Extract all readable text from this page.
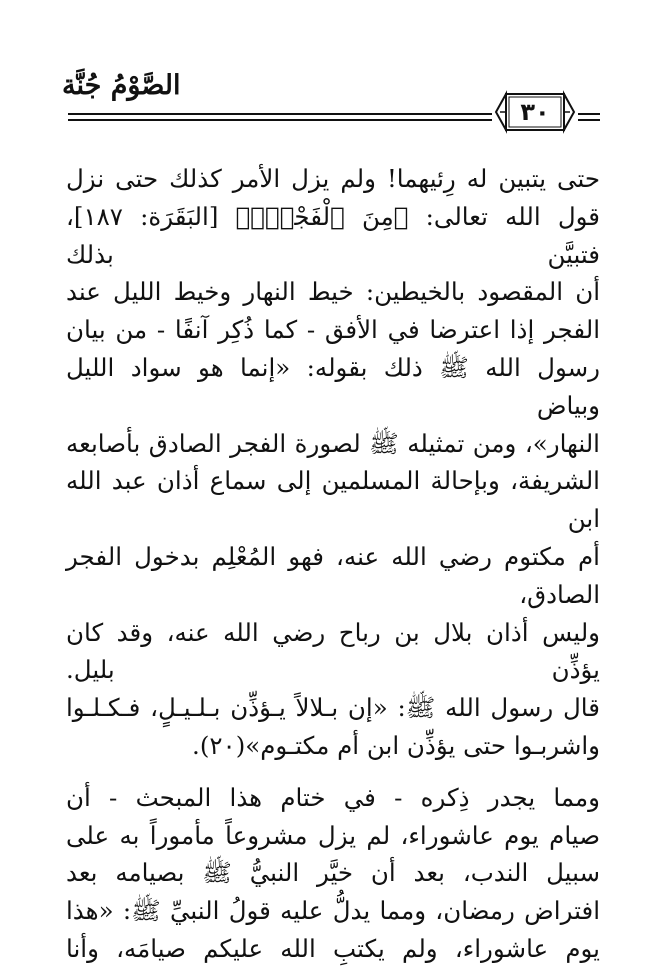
الصَّوْمُ جُنَّة
٣٠

حتى يتبين له رِئيهما! ولم يزل الأمر كذلك حتى نزل

قول الله تعالى: ﴿مِنَ ٱلْفَجْرِۖ﴾ [البَقَرَة: ١٨٧]، فتبيَّن بذلك

أن المقصود بالخيطين: خيط النهار وخيط الليل عند

الفجر إذا اعترضا في الأفق - كما ذُكِر آنفًا - من بيان

رسول الله ﷺ ذلك بقوله: «إنما هو سواد الليل وبياض

النهار»، ومن تمثيله ﷺ لصورة الفجر الصادق بأصابعه

الشريفة، وبإحالة المسلمين إلى سماع أذان عبد الله ابن

أم مكتوم رضي الله عنه، فهو المُعْلِم بدخول الفجر الصادق،

وليس أذان بلال بن رباح رضي الله عنه، وقد كان يؤذِّن بليل.

قال رسول الله ﷺ: «إن بـلالاً يـؤذِّن بـلـيـلٍ، فـكـلـوا

واشربـوا حتى يؤذِّن ابن أم مكتـوم»(٢٠).

ومما يجدر ذِكره - في ختام هذا المبحث - أن

صيام يوم عاشوراء، لم يزل مشروعاً مأموراً به على

سبيل الندب، بعد أن خيَّر النبيُّ ﷺ بصيامه بعد

افتراض رمضان، ومما يدلُّ عليه قولُ النبيِّ ﷺ: «هذا

يوم عاشوراء، ولم يكتبِ الله عليكم صيامَه، وأنا
